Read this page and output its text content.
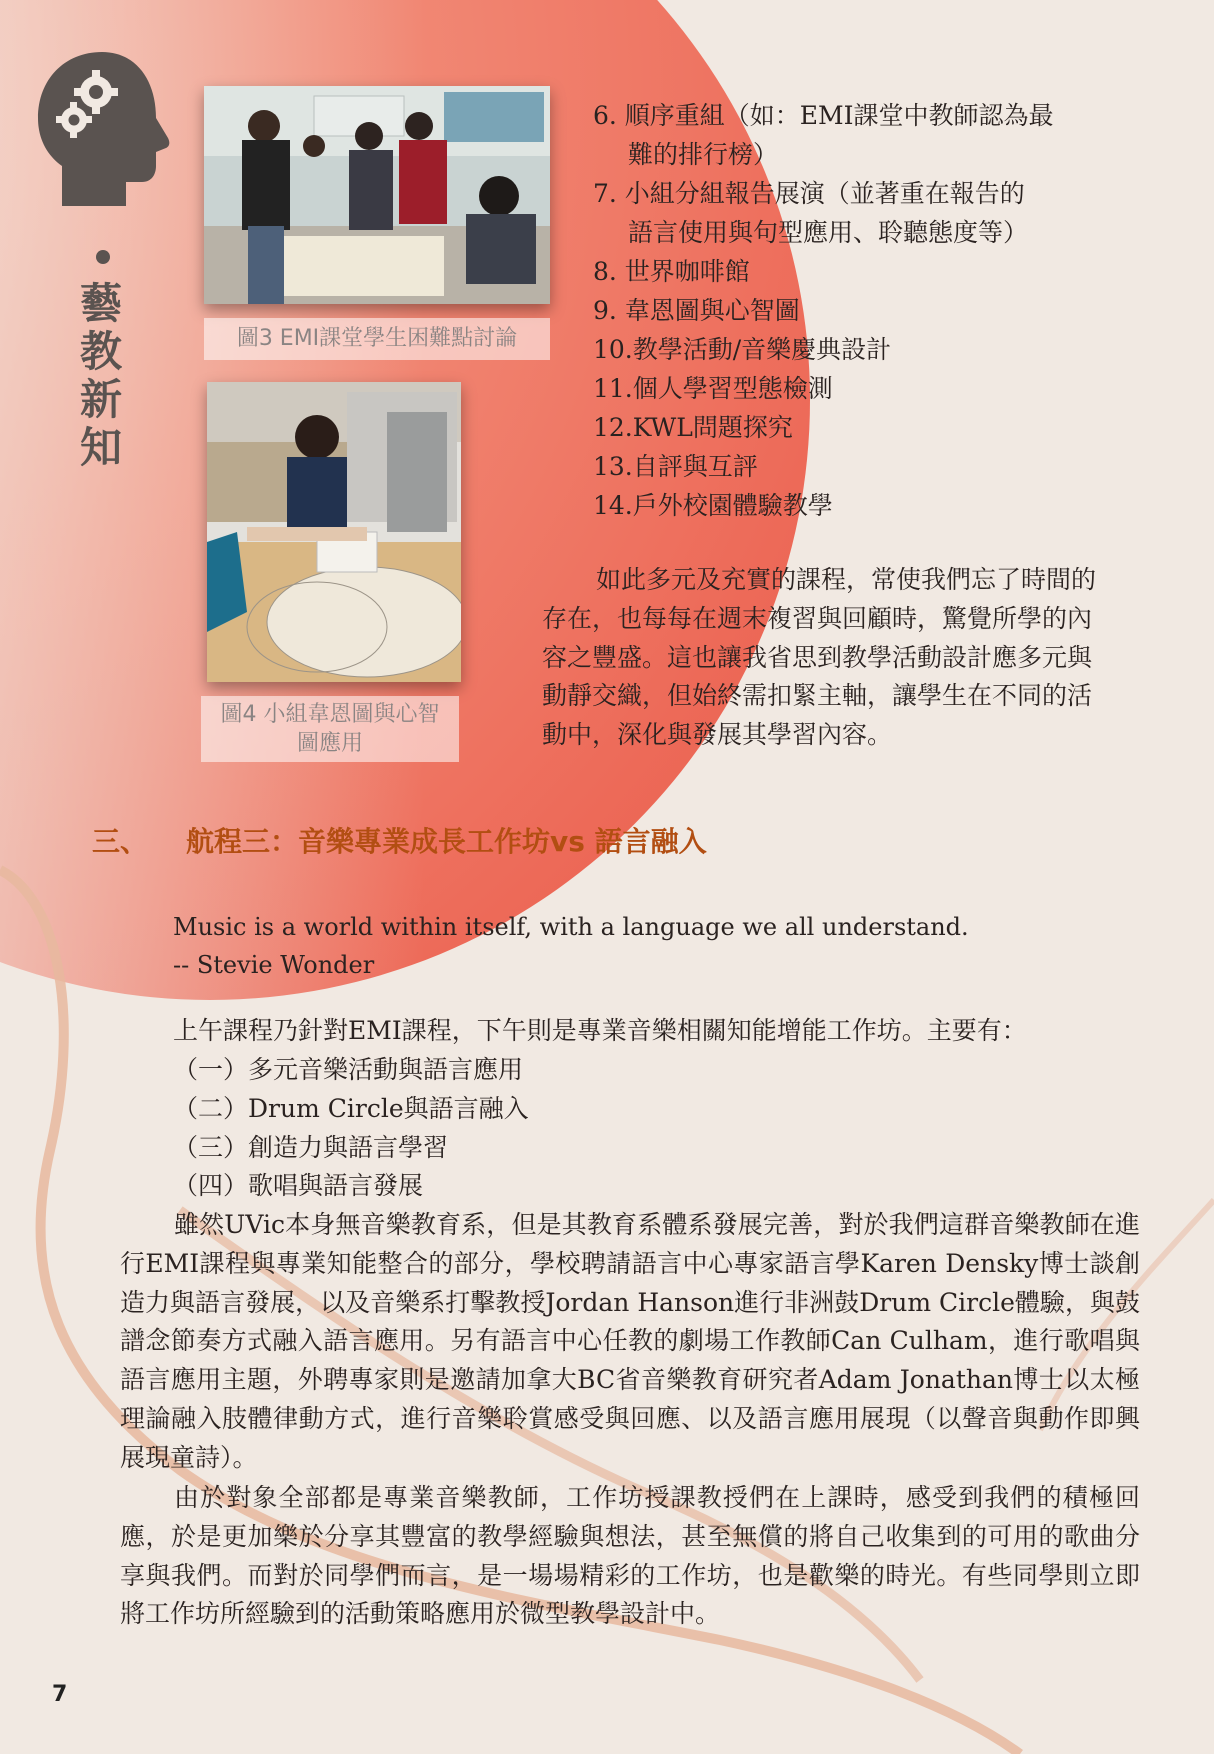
藝教新知
圖3 EMI課堂學生困難點討論
圖4 小組韋恩圖與心智圖應用
6. 順序重組（如：EMI課堂中教師認為最
難的排行榜）
7. 小組分組報告展演（並著重在報告的
語言使用與句型應用、聆聽態度等）
8. 世界咖啡館
9. 韋恩圖與心智圖
10.教學活動/音樂慶典設計
11.個人學習型態檢測
12.KWL問題探究
13.自評與互評
14.戶外校園體驗教學

如此多元及充實的課程，常使我們忘了時間的存在，也每每在週末複習與回顧時，驚覺所學的內容之豐盛。這也讓我省思到教學活動設計應多元與動靜交織，但始終需扣緊主軸，讓學生在不同的活動中，深化與發展其學習內容。

三、 航程三：音樂專業成長工作坊vs 語言融入
Music is a world within itself, with a language we all understand.
-- Stevie Wonder

上午課程乃針對EMI課程，下午則是專業音樂相關知能增能工作坊。主要有：

（一）多元音樂活動與語言應用
（二）Drum Circle與語言融入
（三）創造力與語言學習
（四）歌唱與語言發展

雖然UVic本身無音樂教育系，但是其教育系體系發展完善，對於我們這群音樂教師在進行EMI課程與專業知能整合的部分，學校聘請語言中心專家語言學Karen Densky博士談創造力與語言發展，以及音樂系打擊教授Jordan Hanson進行非洲鼓Drum Circle體驗，與鼓譜念節奏方式融入語言應用。另有語言中心任教的劇場工作教師Can Culham，進行歌唱與語言應用主題，外聘專家則是邀請加拿大BC省音樂教育研究者Adam Jonathan博士以太極理論融入肢體律動方式，進行音樂聆賞感受與回應、以及語言應用展現（以聲音與動作即興展現童詩）。

由於對象全部都是專業音樂教師，工作坊授課教授們在上課時，感受到我們的積極回應，於是更加樂於分享其豐富的教學經驗與想法，甚至無償的將自己收集到的可用的歌曲分享與我們。而對於同學們而言，是一場場精彩的工作坊，也是歡樂的時光。有些同學則立即將工作坊所經驗到的活動策略應用於微型教學設計中。

7
